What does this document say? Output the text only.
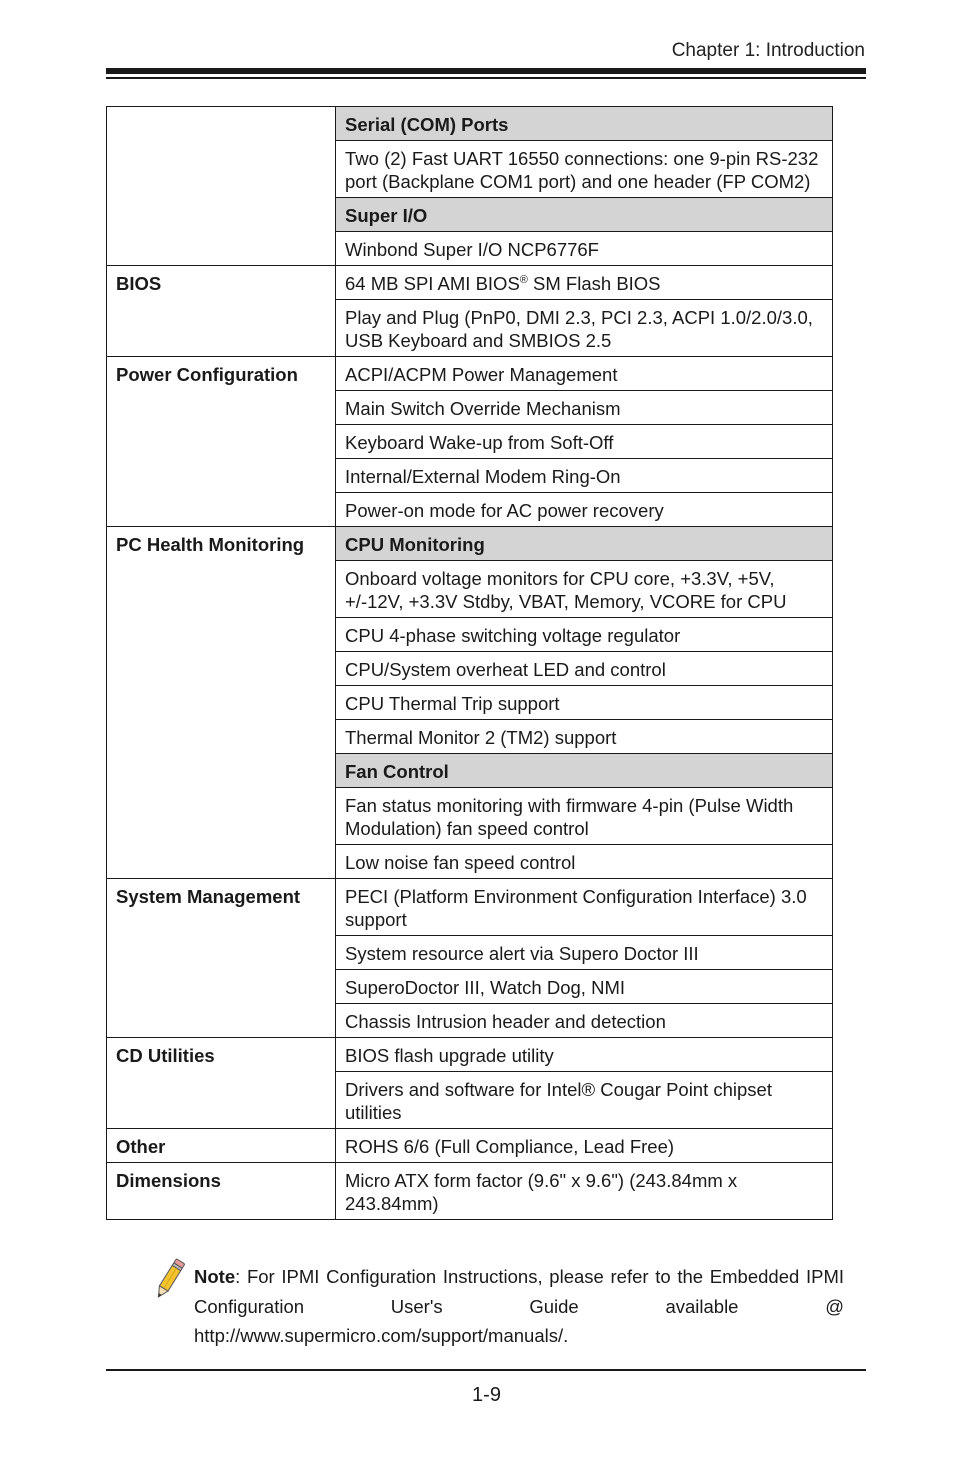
Chapter 1: Introduction
	Serial (COM) Ports
	Two (2) Fast UART 16550 connections: one 9-pin RS-232 port (Backplane COM1 port) and one header (FP COM2)
	Super I/O
	Winbond Super I/O NCP6776F
BIOS	64 MB SPI AMI BIOS® SM Flash BIOS
	Play and Plug (PnP0, DMI 2.3, PCI 2.3, ACPI 1.0/2.0/3.0, USB Keyboard and SMBIOS 2.5
Power Configuration	ACPI/ACPM Power Management
	Main Switch Override Mechanism
	Keyboard Wake-up from Soft-Off
	Internal/External Modem Ring-On
	Power-on mode for AC power recovery
PC Health Monitoring	CPU Monitoring
	Onboard voltage monitors for CPU core, +3.3V, +5V, +/-12V, +3.3V Stdby, VBAT, Memory, VCORE for CPU
	CPU 4-phase switching voltage regulator
	CPU/System overheat LED and control
	CPU Thermal Trip support
	Thermal Monitor 2 (TM2) support
	Fan Control
	Fan status monitoring with firmware 4-pin (Pulse Width Modulation) fan speed control
	Low noise fan speed control
System Management	PECI (Platform Environment Configuration Interface) 3.0 support
	System resource alert via Supero Doctor III
	SuperoDoctor III, Watch Dog, NMI
	Chassis Intrusion header and detection
CD Utilities	BIOS flash upgrade utility
	Drivers and software for Intel® Cougar Point chipset utilities
Other	ROHS 6/6 (Full Compliance, Lead Free)
Dimensions	Micro ATX form factor (9.6" x 9.6") (243.84mm x 243.84mm)
Note: For IPMI Configuration Instructions, please refer to the Embedded IPMI Configuration User's Guide available @ http://www.supermicro.com/support/manuals/.
1-9
